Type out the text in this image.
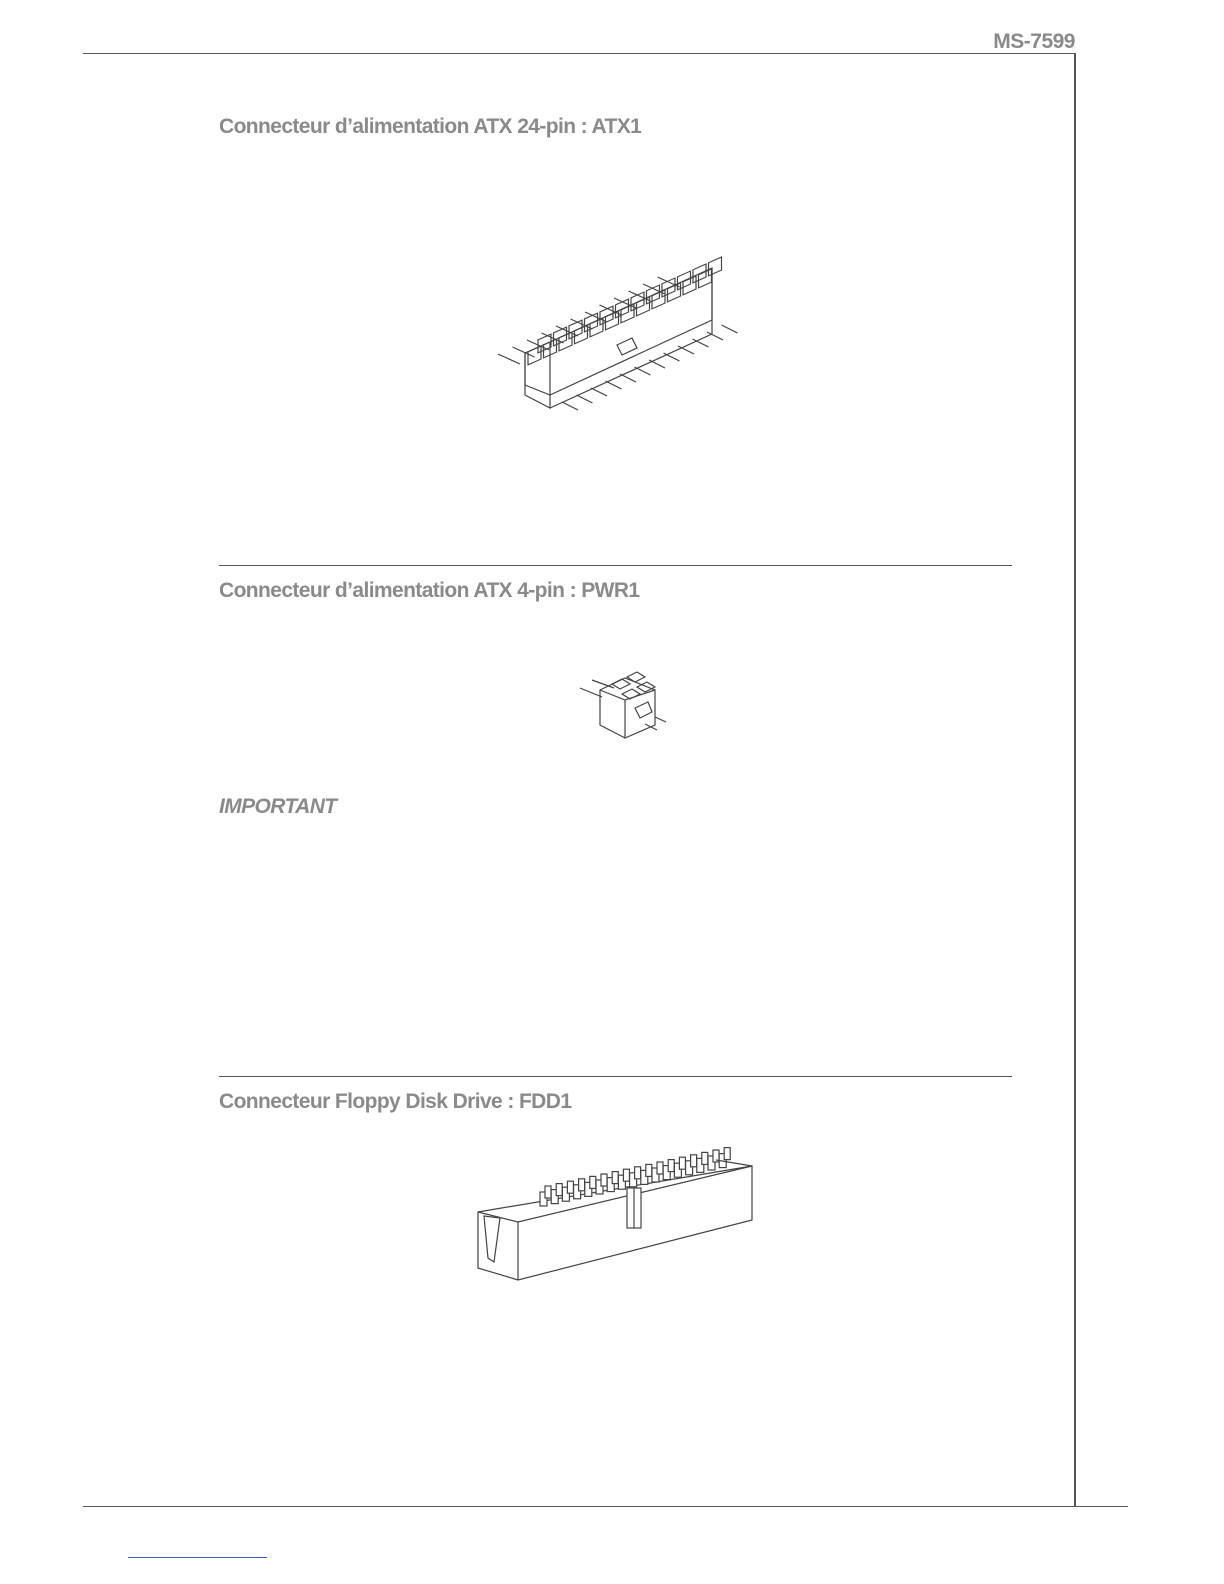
MS-7599
Connecteur d’alimentation ATX 24-pin : ATX1
Connecteur d’alimentation ATX 4-pin : PWR1
IMPORTANT
Connecteur Floppy Disk Drive : FDD1
